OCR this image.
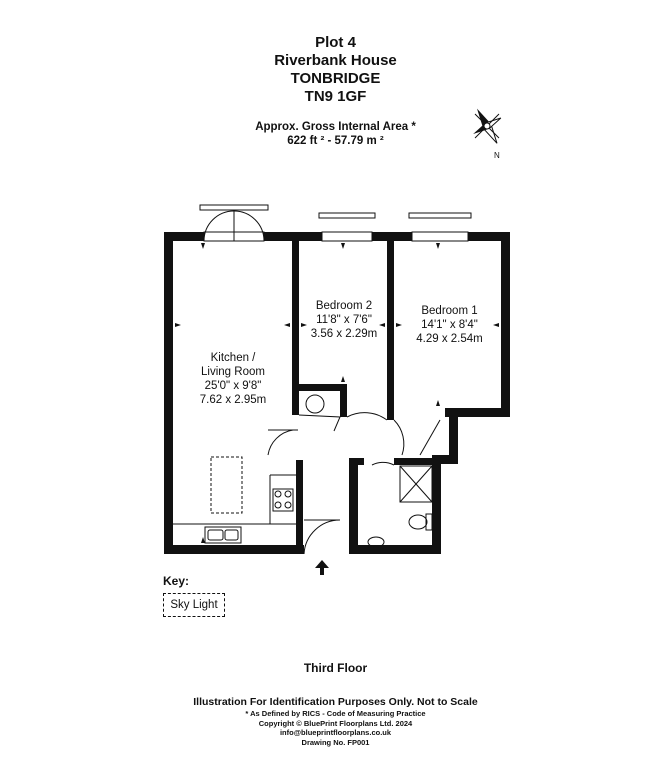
Plot 4
Riverbank House
TONBRIDGE
TN9 1GF
Approx. Gross Internal Area *
622 ft ² - 57.79 m ²
N
Kitchen /
Living Room
25'0" x 9'8"
7.62 x 2.95m
Bedroom 2
11'8" x 7'6"
3.56 x 2.29m
Bedroom 1
14'1" x 8'4"
4.29 x 2.54m
Key:
Sky Light
Third Floor
Illustration For Identification Purposes Only. Not to Scale
* As Defined by RICS - Code of Measuring Practice
Copyright © BluePrint Floorplans Ltd. 2024
info@blueprintfloorplans.co.uk
Drawing No. FP001
